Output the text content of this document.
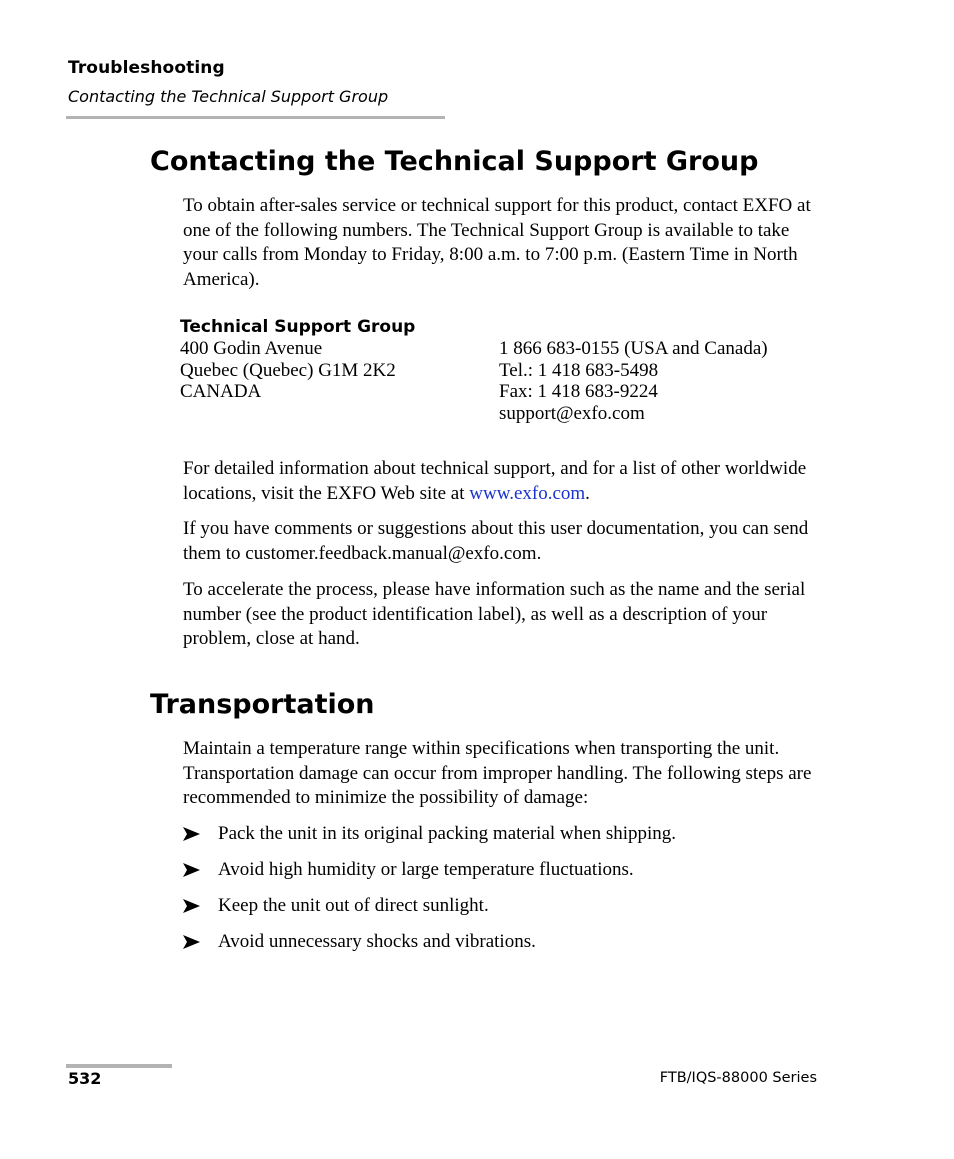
Troubleshooting
Contacting the Technical Support Group
Contacting the Technical Support Group

To obtain after-sales service or technical support for this product, contact EXFO at one of the following numbers. The Technical Support Group is available to take your calls from Monday to Friday, 8:00 a.m. to 7:00 p.m. (Eastern Time in North America).

Technical Support Group
400 Godin Avenue
Quebec (Quebec) G1M 2K2
CANADA
1 866 683-0155 (USA and Canada)
Tel.: 1 418 683-5498
Fax: 1 418 683-9224
support@exfo.com

For detailed information about technical support, and for a list of other worldwide locations, visit the EXFO Web site at www.exfo.com.

If you have comments or suggestions about this user documentation, you can send them to customer.feedback.manual@exfo.com.

To accelerate the process, please have information such as the name and the serial number (see the product identification label), as well as a description of your problem, close at hand.

Transportation

Maintain a temperature range within specifications when transporting the unit. Transportation damage can occur from improper handling. The following steps are recommended to minimize the possibility of damage:

Pack the unit in its original packing material when shipping.
Avoid high humidity or large temperature fluctuations.
Keep the unit out of direct sunlight.
Avoid unnecessary shocks and vibrations.
532	FTB/IQS-88000 Series
